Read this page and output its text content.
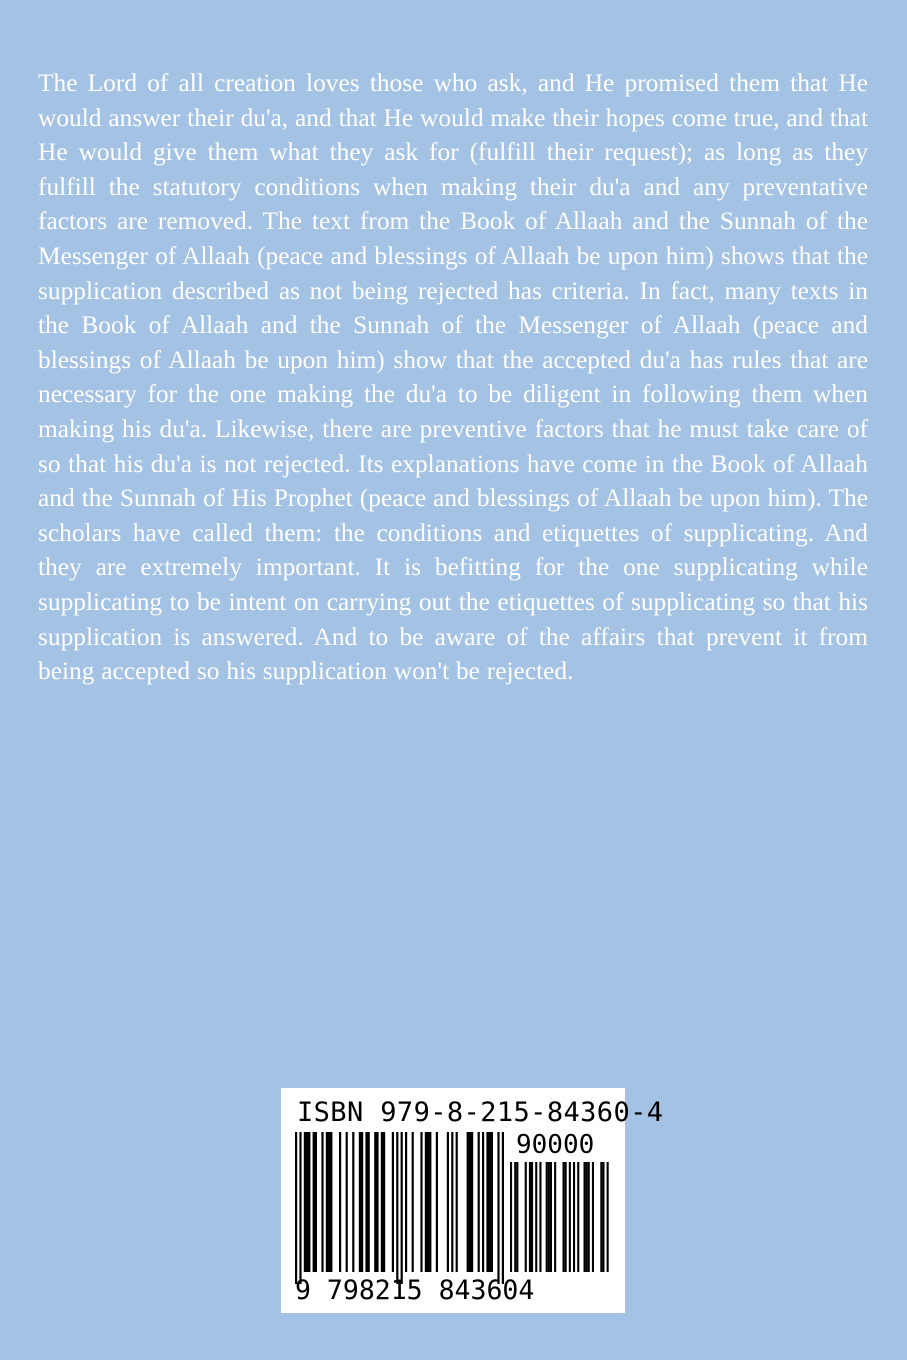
The Lord of all creation loves those who ask, and He promised them that He would answer their du'a, and that He would make their hopes come true, and that He would give them what they ask for (fulfill their request); as long as they fulfill the statutory conditions when making their du'a and any preventative factors are removed. The text from the Book of Allaah and the Sunnah of the Messenger of Allaah (peace and blessings of Allaah be upon him) shows that the supplication described as not being rejected has criteria. In fact, many texts in the Book of Allaah and the Sunnah of the Messenger of Allaah (peace and blessings of Allaah be upon him) show that the accepted du'a has rules that are necessary for the one making the du'a to be diligent in following them when making his du'a. Likewise, there are preventive factors that he must take care of so that his du'a is not rejected. Its explanations have come in the Book of Allaah and the Sunnah of His Prophet (peace and blessings of Allaah be upon him). The scholars have called them: the conditions and etiquettes of supplicating. And they are extremely important. It is befitting for the one supplicating while supplicating to be intent on carrying out the etiquettes of supplicating so that his supplication is answered. And to be aware of the affairs that prevent it from being accepted so his supplication won't be rejected.

ISBN 979-8-215-84360-4

90000

9 798215 843604
